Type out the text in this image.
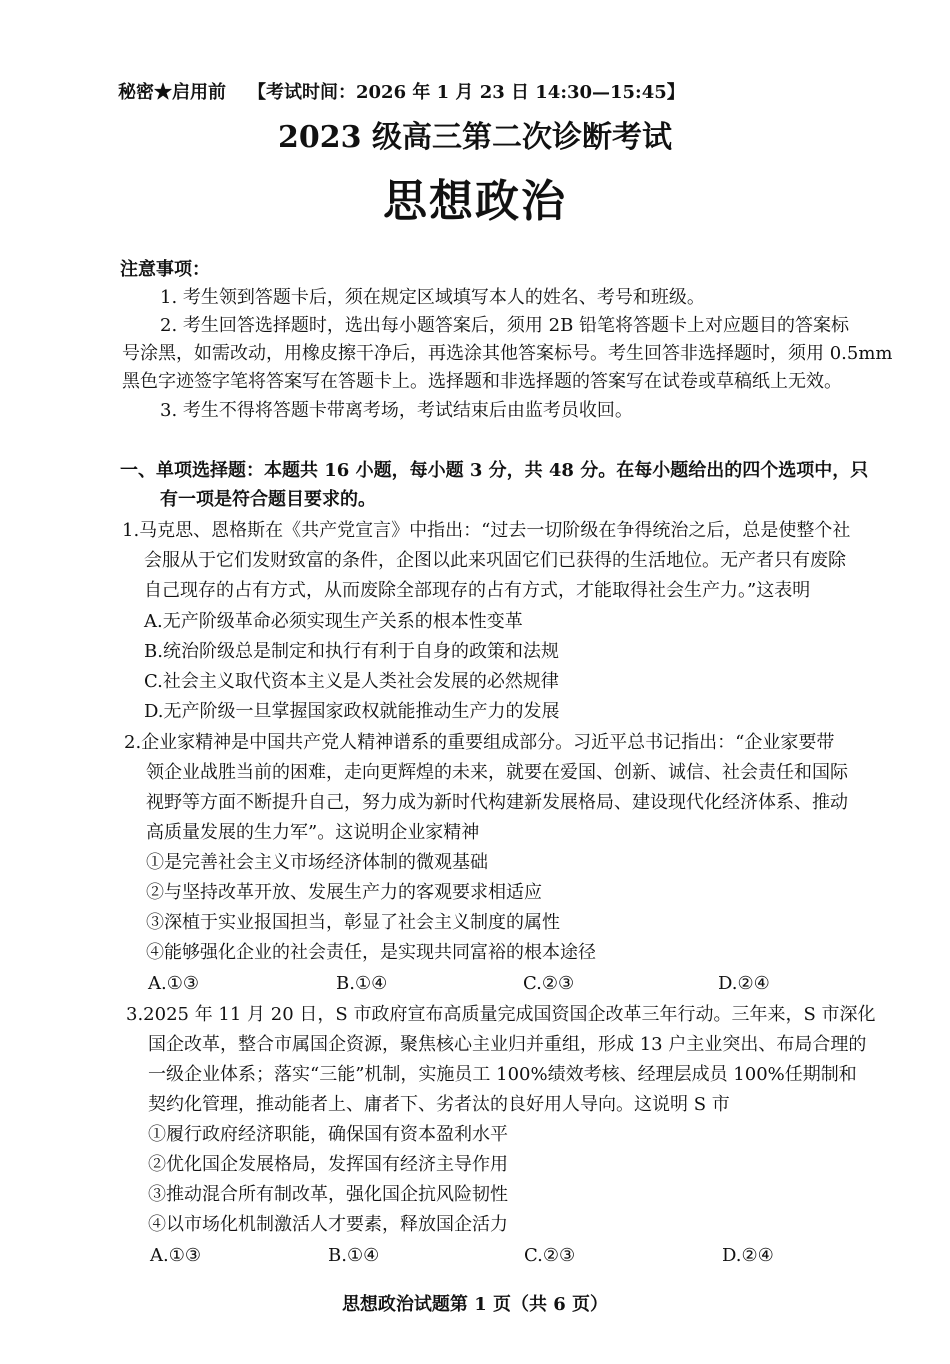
秘密★启用前 【考试时间：2026 年 1 月 23 日 14:30—15:45】
2023 级高三第二次诊断考试
思想政治
注意事项：
1. 考生领到答题卡后，须在规定区域填写本人的姓名、考号和班级。
2. 考生回答选择题时，选出每小题答案后，须用 2B 铅笔将答题卡上对应题目的答案标
号涂黑，如需改动，用橡皮擦干净后，再选涂其他答案标号。考生回答非选择题时，须用 0.5mm
黑色字迹签字笔将答案写在答题卡上。选择题和非选择题的答案写在试卷或草稿纸上无效。
3. 考生不得将答题卡带离考场，考试结束后由监考员收回。
一、单项选择题：本题共 16 小题，每小题 3 分，共 48 分。在每小题给出的四个选项中，只
有一项是符合题目要求的。
1.马克思、恩格斯在《共产党宣言》中指出：“过去一切阶级在争得统治之后，总是使整个社
会服从于它们发财致富的条件，企图以此来巩固它们已获得的生活地位。无产者只有废除
自己现存的占有方式，从而废除全部现存的占有方式，才能取得社会生产力。”这表明
A.无产阶级革命必须实现生产关系的根本性变革
B.统治阶级总是制定和执行有利于自身的政策和法规
C.社会主义取代资本主义是人类社会发展的必然规律
D.无产阶级一旦掌握国家政权就能推动生产力的发展
2.企业家精神是中国共产党人精神谱系的重要组成部分。习近平总书记指出：“企业家要带
领企业战胜当前的困难，走向更辉煌的未来，就要在爱国、创新、诚信、社会责任和国际
视野等方面不断提升自己，努力成为新时代构建新发展格局、建设现代化经济体系、推动
高质量发展的生力军”。这说明企业家精神
①是完善社会主义市场经济体制的微观基础
②与坚持改革开放、发展生产力的客观要求相适应
③深植于实业报国担当，彰显了社会主义制度的属性
④能够强化企业的社会责任，是实现共同富裕的根本途径
A.①③	B.①④	C.②③	D.②④
3.2025 年 11 月 20 日，S 市政府宣布高质量完成国资国企改革三年行动。三年来，S 市深化
国企改革，整合市属国企资源，聚焦核心主业归并重组，形成 13 户主业突出、布局合理的
一级企业体系；落实“三能”机制，实施员工 100%绩效考核、经理层成员 100%任期制和
契约化管理，推动能者上、庸者下、劣者汰的良好用人导向。这说明 S 市
①履行政府经济职能，确保国有资本盈利水平
②优化国企发展格局，发挥国有经济主导作用
③推动混合所有制改革，强化国企抗风险韧性
④以市场化机制激活人才要素，释放国企活力
A.①③	B.①④	C.②③	D.②④
思想政治试题第 1 页（共 6 页）
